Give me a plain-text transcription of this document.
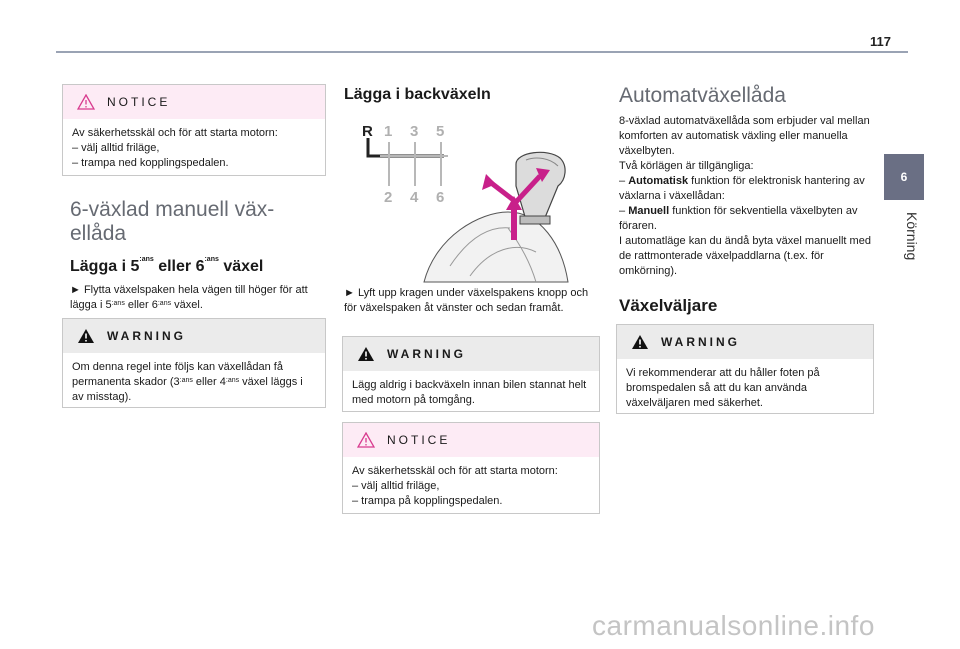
117
6
Körning
NOTICE
Av säkerhetsskäl och för att starta motorn:
– välj alltid friläge,
– trampa ned kopplingspedalen.
6-växlad manuell väx-
ellåda
Lägga i $5^{:ans}$ eller $6^{:ans}$ växel
► Flytta växelspaken hela vägen till höger för att lägga i $5^{:ans}$ eller $6^{:ans}$ växel.
WARNING
Om denna regel inte följs kan växellådan få permanenta skador ($3^{:ans}$ eller $4^{:ans}$ växel läggs i av misstag).
Lägga i backväxeln
R 1 3 5
2 4 6
► Lyft upp kragen under växelspakens knopp och för växelspaken åt vänster och sedan framåt.
WARNING
Lägg aldrig i backväxeln innan bilen stannat helt med motorn på tomgång.
NOTICE
Av säkerhetsskäl och för att starta motorn:
– välj alltid friläge,
– trampa på kopplingspedalen.
Automatväxellåda
8-växlad automatväxellåda som erbjuder val mellan komforten av automatisk växling eller manuella växelbyten.
Två körlägen är tillgängliga:
– Automatisk funktion för elektronisk hantering av växlarna i växellådan:
– Manuell funktion för sekventiella växelbyten av föraren.
I automatläge kan du ändå byta växel manuellt med de rattmonterade växelpaddlarna (t.ex. för omkörning).
Växelväljare
WARNING
Vi rekommenderar att du håller foten på bromspedalen så att du kan använda växelväljaren med säkerhet.
carmanualsonline.info
